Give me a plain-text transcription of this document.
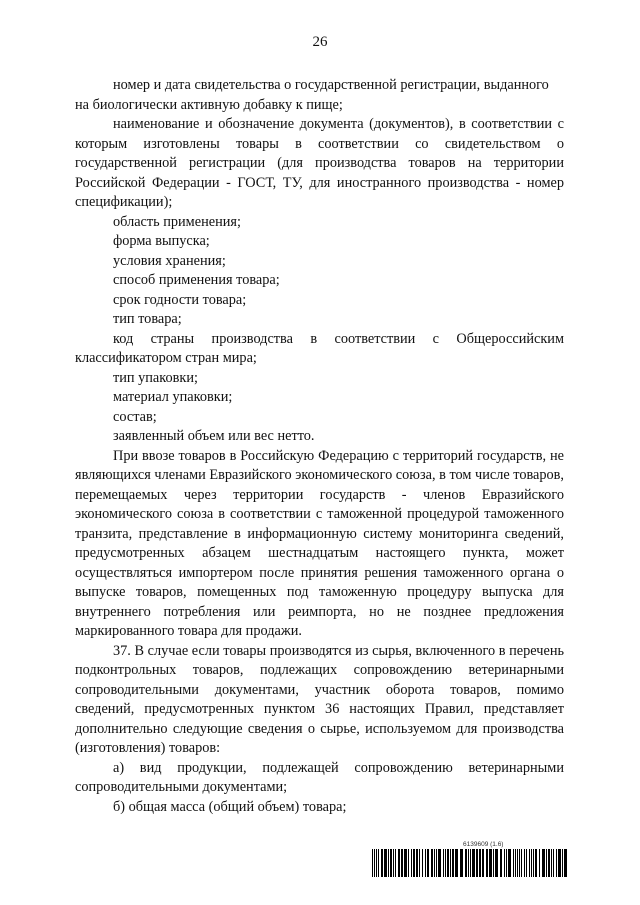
26

номер и дата свидетельства о государственной регистрации, выданного на биологически активную добавку к пище;

наименование и обозначение документа (документов), в соответствии с которым изготовлены товары в соответствии со свидетельством о государственной регистрации (для производства товаров на территории Российской Федерации - ГОСТ, ТУ, для иностранного производства - номер спецификации);

область применения;

форма выпуска;

условия хранения;

способ применения товара;

срок годности товара;

тип товара;

код страны производства в соответствии с Общероссийским классификатором стран мира;

тип упаковки;

материал упаковки;

состав;

заявленный объем или вес нетто.

При ввозе товаров в Российскую Федерацию с территорий государств, не являющихся членами Евразийского экономического союза, в том числе товаров, перемещаемых через территории государств - членов Евразийского экономического союза в соответствии с таможенной процедурой таможенного транзита, представление в информационную систему мониторинга сведений, предусмотренных абзацем шестнадцатым настоящего пункта, может осуществляться импортером после принятия решения таможенного органа о выпуске товаров, помещенных под таможенную процедуру выпуска для внутреннего потребления или реимпорта, но не позднее предложения маркированного товара для продажи.

37. В случае если товары производятся из сырья, включенного в перечень подконтрольных товаров, подлежащих сопровождению ветеринарными сопроводительными документами, участник оборота товаров, помимо сведений, предусмотренных пунктом 36 настоящих Правил, представляет дополнительно следующие сведения о сырье, используемом для производства (изготовления) товаров:

а) вид продукции, подлежащей сопровождению ветеринарными сопроводительными документами;

б) общая масса (общий объем) товара;

6139609 (1.6)
